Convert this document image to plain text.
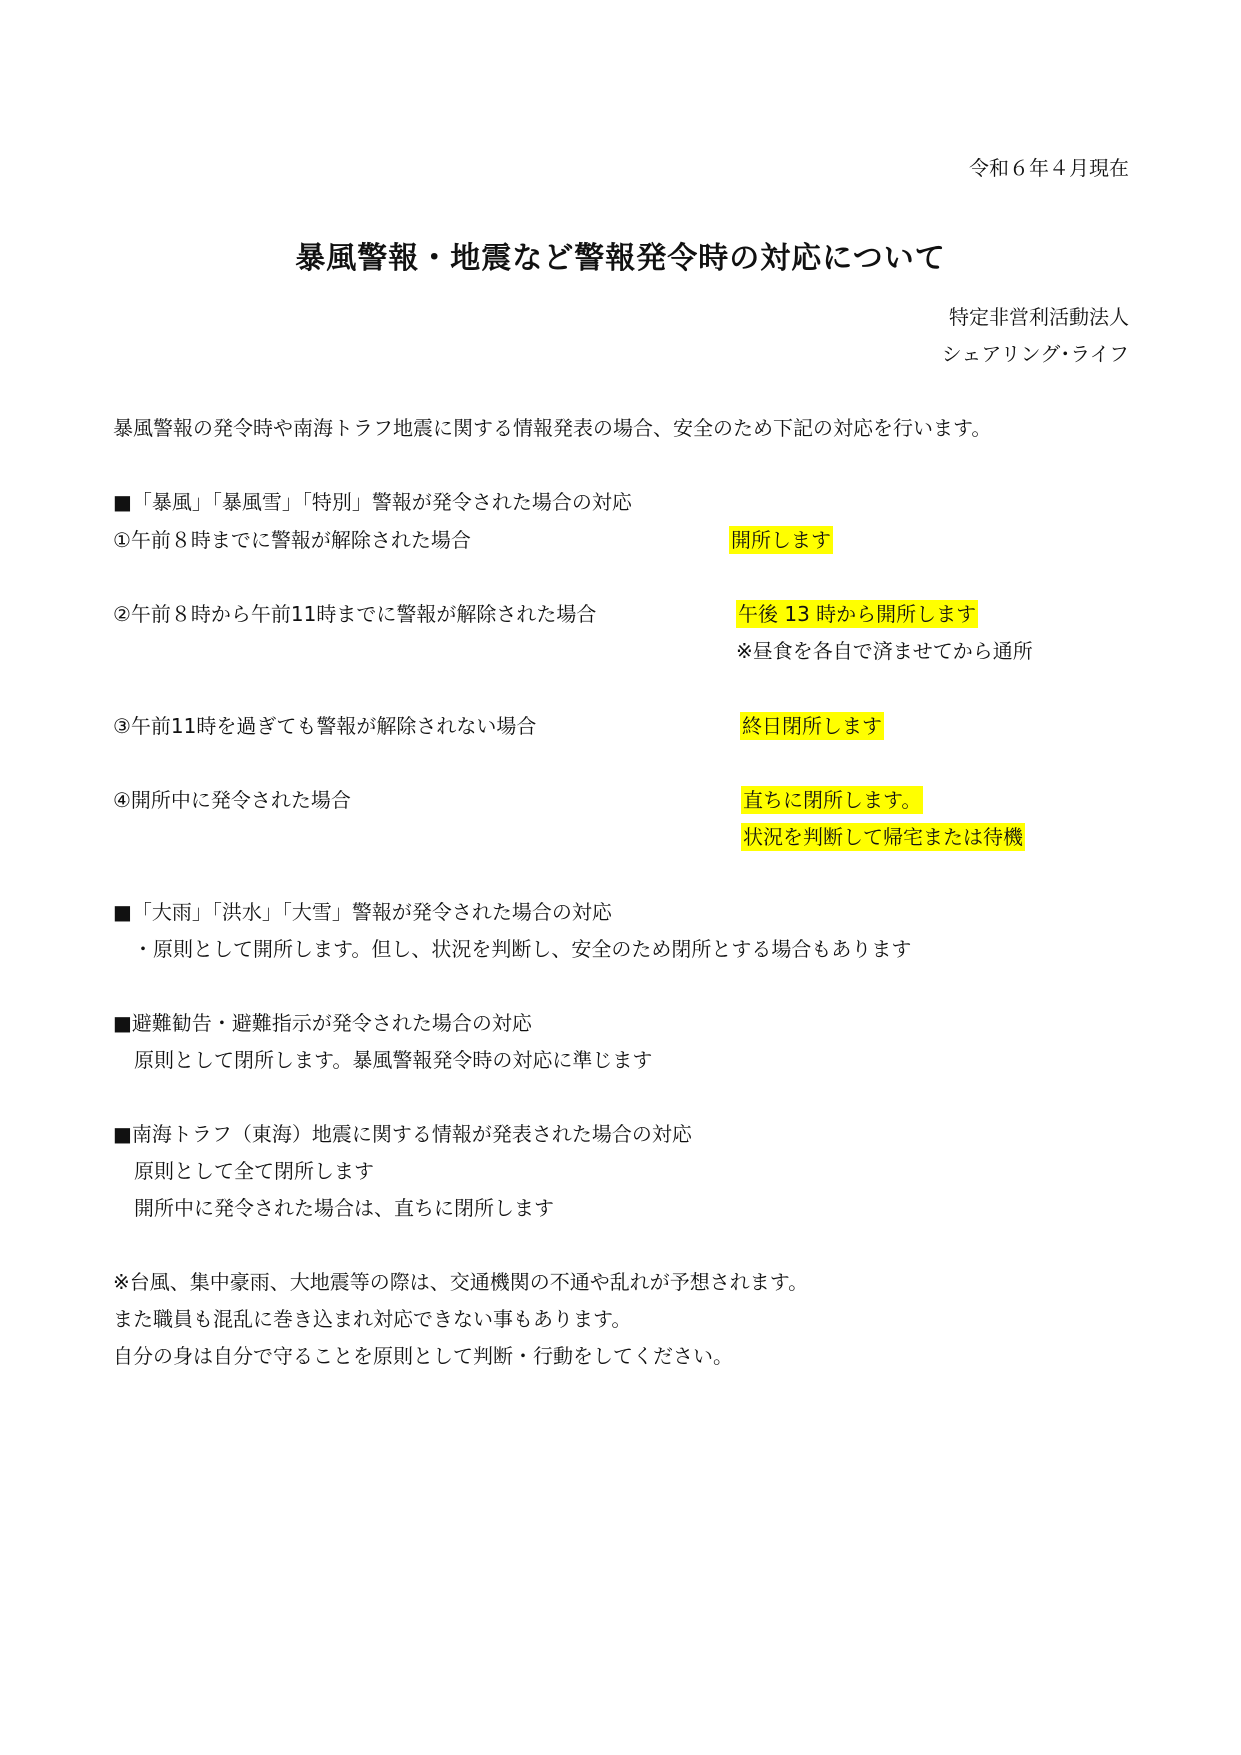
令和６年４月現在
暴風警報・地震など警報発令時の対応について
特定非営利活動法人
シェアリング･ライフ
暴風警報の発令時や南海トラフ地震に関する情報発表の場合、安全のため下記の対応を行います。
■「暴風」「暴風雪」「特別」警報が発令された場合の対応
①午前８時までに警報が解除された場合	開所します
②午前８時から午前11時までに警報が解除された場合	午後 13 時から開所します
※昼食を各自で済ませてから通所
③午前11時を過ぎても警報が解除されない場合	終日閉所します
④開所中に発令された場合	直ちに閉所します。
状況を判断して帰宅または待機
■「大雨」「洪水」「大雪」警報が発令された場合の対応
・原則として開所します。但し、状況を判断し、安全のため閉所とする場合もあります
■避難勧告・避難指示が発令された場合の対応
原則として閉所します。暴風警報発令時の対応に準じます
■南海トラフ（東海）地震に関する情報が発表された場合の対応
原則として全て閉所します
開所中に発令された場合は、直ちに閉所します
※台風、集中豪雨、大地震等の際は、交通機関の不通や乱れが予想されます。
また職員も混乱に巻き込まれ対応できない事もあります。
自分の身は自分で守ることを原則として判断・行動をしてください。
